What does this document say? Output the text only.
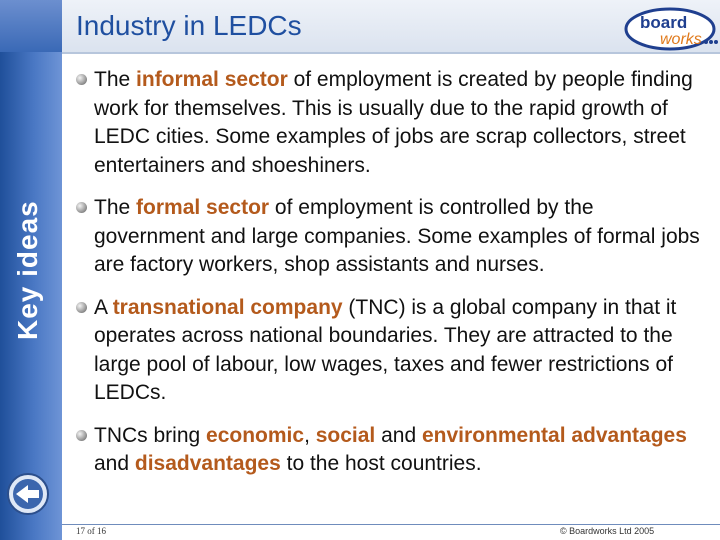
Key ideas
Industry in LEDCs	board
works
The informal sector of employment is created by people finding work for themselves. This is usually due to the rapid growth of LEDC cities. Some examples of jobs are scrap collectors, street entertainers and shoeshiners.
The formal sector of employment is controlled by the government and large companies. Some examples of formal jobs are factory workers, shop assistants and nurses.
A transnational company (TNC) is a global company in that it operates across national boundaries. They are attracted to the large pool of labour, low wages, taxes and fewer restrictions of LEDCs.
TNCs bring economic, social and environmental advantages and disadvantages to the host countries.
17 of 16	© Boardworks Ltd 2005
